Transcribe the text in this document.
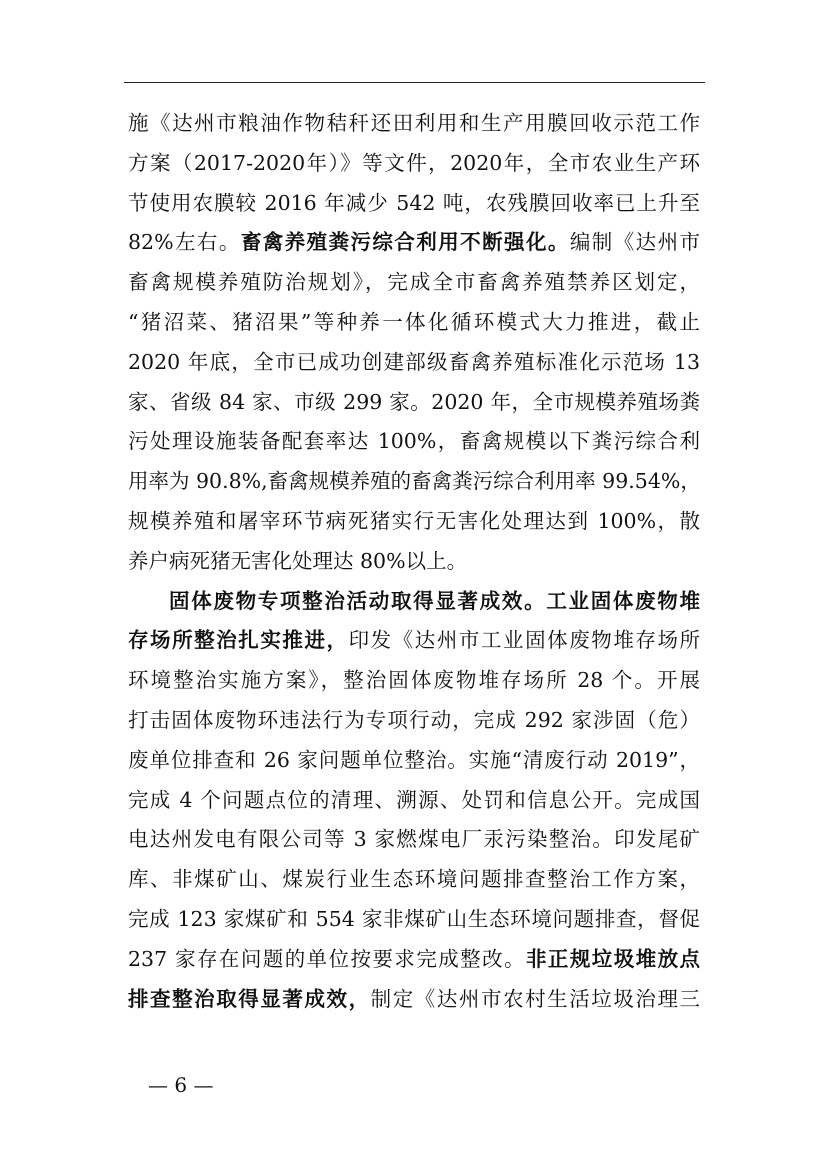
施《达州市粮油作物秸秆还田利用和生产用膜回收示范工作
方案（2017-2020年）》等文件，2020年，全市农业生产环
节使用农膜较 2016 年减少 542 吨，农残膜回收率已上升至
82%左右。畜禽养殖粪污综合利用不断强化。编制《达州市
畜禽规模养殖防治规划》，完成全市畜禽养殖禁养区划定，
“猪沼菜、猪沼果”等种养一体化循环模式大力推进，截止
2020 年底，全市已成功创建部级畜禽养殖标准化示范场 13
家、省级 84 家、市级 299 家。2020 年，全市规模养殖场粪
污处理设施装备配套率达 100%，畜禽规模以下粪污综合利
用率为 90.8%,畜禽规模养殖的畜禽粪污综合利用率 99.54%，
规模养殖和屠宰环节病死猪实行无害化处理达到 100%，散
养户病死猪无害化处理达 80%以上。
固体废物专项整治活动取得显著成效。工业固体废物堆
存场所整治扎实推进，印发《达州市工业固体废物堆存场所
环境整治实施方案》，整治固体废物堆存场所 28 个。开展
打击固体废物环违法行为专项行动，完成 292 家涉固（危）
废单位排查和 26 家问题单位整治。实施“清废行动 2019”，
完成 4 个问题点位的清理、溯源、处罚和信息公开。完成国
电达州发电有限公司等 3 家燃煤电厂汞污染整治。印发尾矿
库、非煤矿山、煤炭行业生态环境问题排查整治工作方案，
完成 123 家煤矿和 554 家非煤矿山生态环境问题排查，督促
237 家存在问题的单位按要求完成整改。非正规垃圾堆放点
排查整治取得显著成效，制定《达州市农村生活垃圾治理三
— 6 —
